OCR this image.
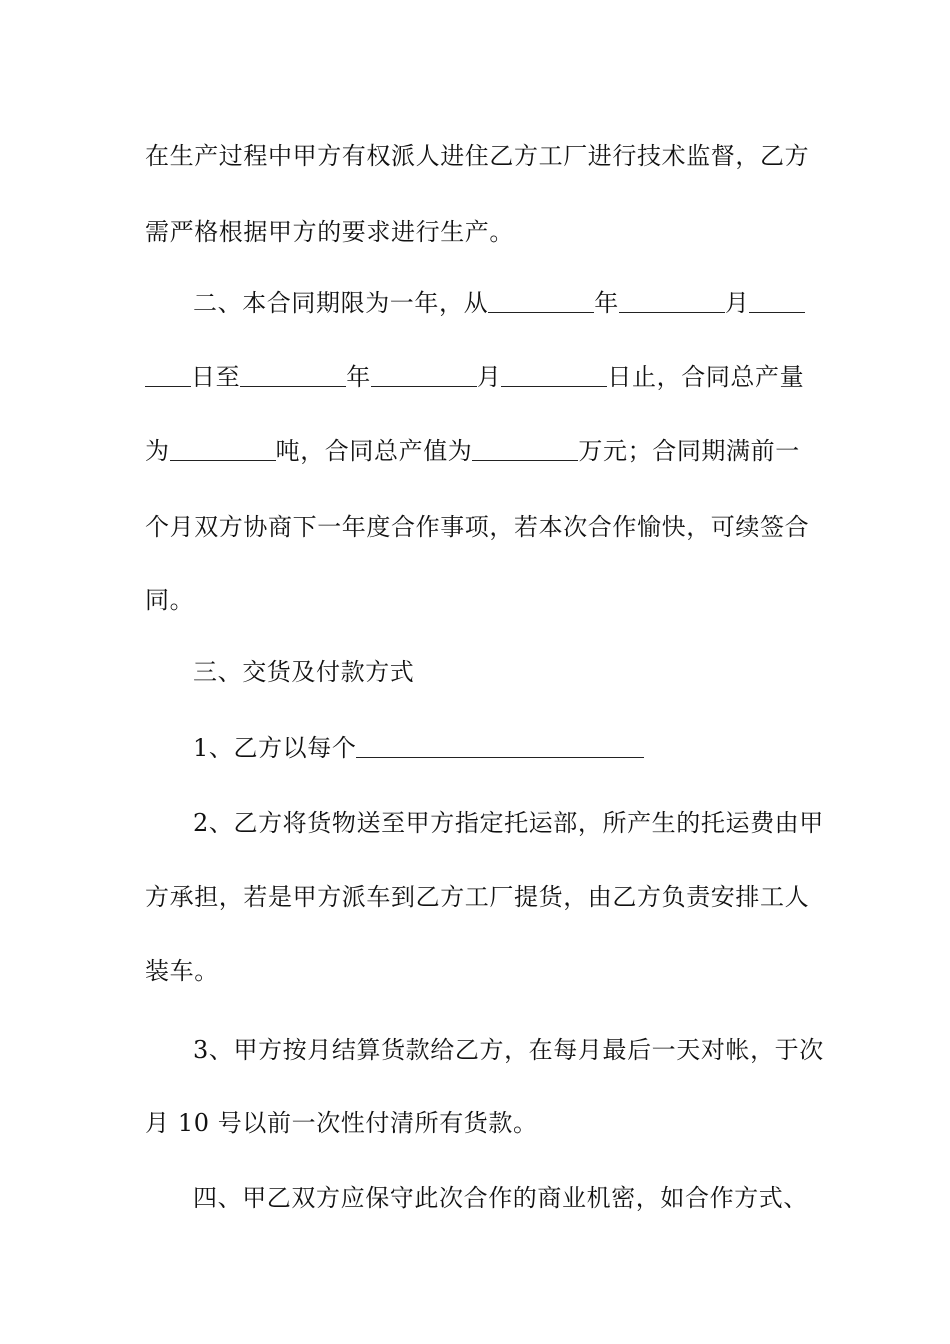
在生产过程中甲方有权派人进住乙方工厂进行技术监督，乙方
需严格根据甲方的要求进行生产。
二、本合同期限为一年，从	年	月
日至	年	月	日止，合同总产量
为	吨，合同总产值为	万元；合同期满前一
个月双方协商下一年度合作事项，若本次合作愉快，可续签合
同。
三、交货及付款方式
1、乙方以每个
2、乙方将货物送至甲方指定托运部，所产生的托运费由甲
方承担，若是甲方派车到乙方工厂提货，由乙方负责安排工人
装车。
3、甲方按月结算货款给乙方，在每月最后一天对帐，于次
月 10 号以前一次性付清所有货款。
四、甲乙双方应保守此次合作的商业机密，如合作方式、
